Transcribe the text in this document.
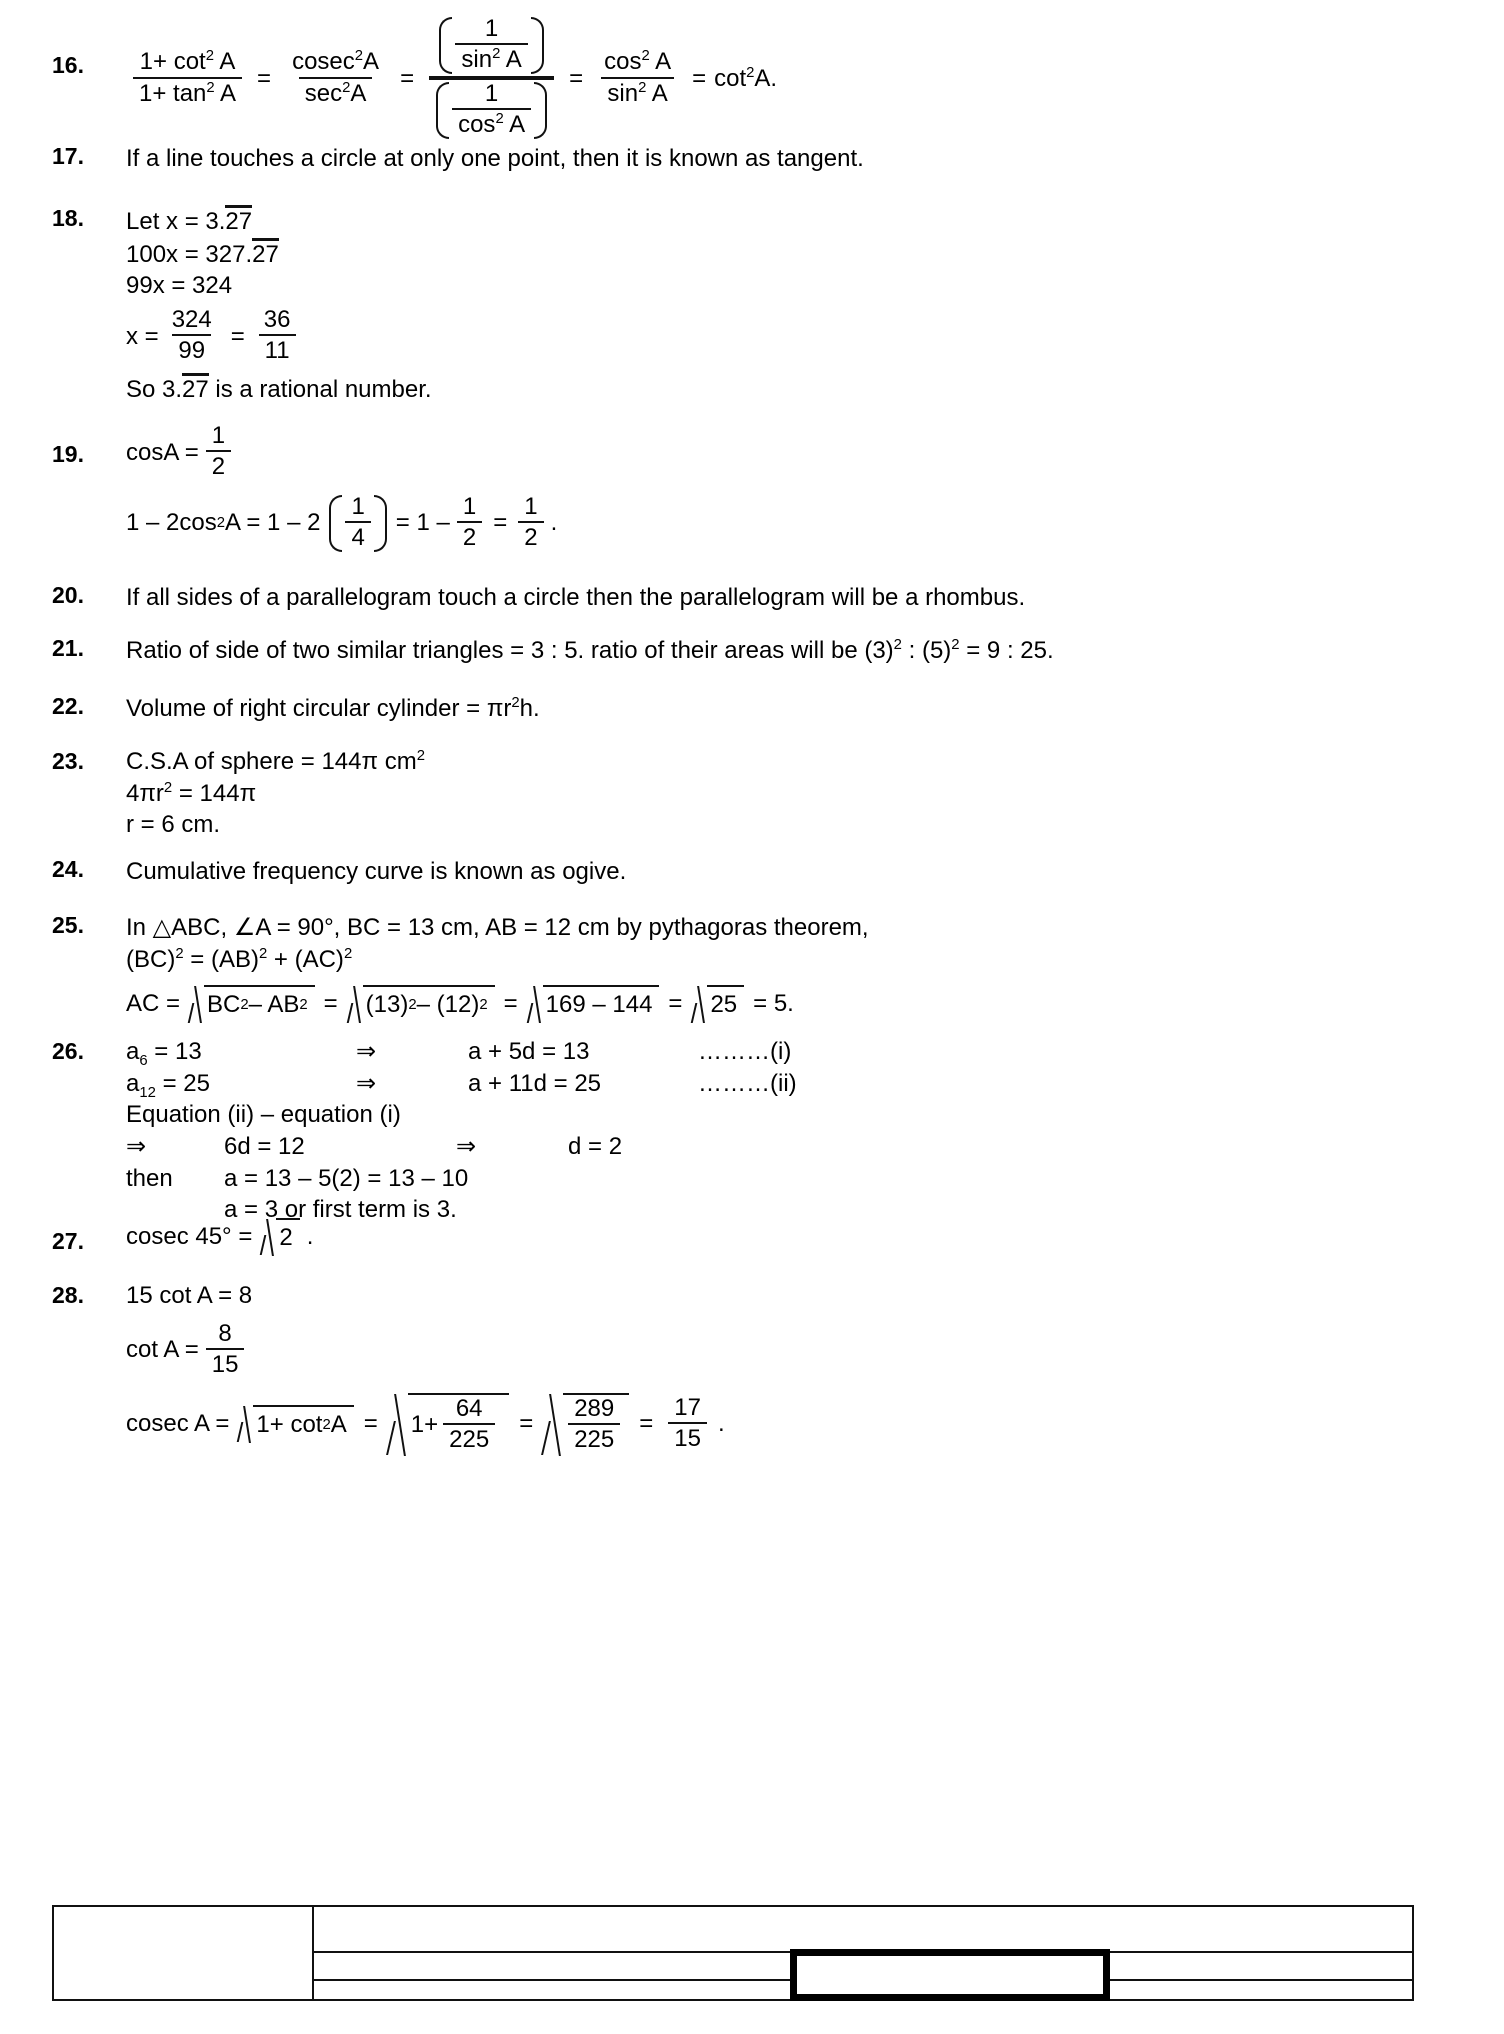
16. $\frac{1+ \cot^2 A}{1+ \tan^2 A} = \frac{cosec^2A}{\sec^2A} = \frac{\frac{1}{\sin^2 A}}{\frac{1}{\cos^2 A}} = \frac{\cos^2 A}{\sin^2 A} = \cot^2A$.
17. If a line touches a circle at only one point, then it is known as tangent.
18. Let x = 3.27
100x = 327.27
99x = 324
$x = \frac{324}{99} = \frac{36}{11}$
So 3.27 is a rational number.
19. $\cos A = \frac{1}{2}$
1 – 2cos 2 $A = 1 - 2 \frac{1}{4} = 1 - \frac{1}{2} = \frac{1}{2}$ .
20. If all sides of a parallelogram touch a circle then the parallelogram will be a rhombus.
21. Ratio of side of two similar triangles = 3 : 5. ratio of their areas will be $(3)^2$ : $(5)^2 = 9$ : 25.
22. Volume of right circular cylinder = $\pi r^2h$.
23. C.S.A of sphere = 144π $cm^2$
$4\pi r^2 = 144\pi$
r = 6 cm.
24. Cumulative frequency curve is known as ogive.
25. In △ABC, ∠A = 90°, BC = 13 cm, AB = 12 cm by pythagoras theorem,
(BC)$^2$ = (AB)$^2$ + (AC)$^2$
AC = BC 2 – AB 2 = (13) 2 – (12) 2 = 169 – 144 = 25 = 5.
26. $a_6 = 13$	⇒	a + 5d = 13	………(i)
$a_{12} = 25$	⇒	a + 11d = 25	………(ii)
Equation (ii) – equation (i)
⇒	6d = 12	⇒	d = 2
then a = 13 – 5(2) = 13 – 10
a = 3 or first term is 3.
27. cosec 45° = 2 .
28. 15 cot A = 8
$\cot A = \frac{8}{15}$
cosec A = 1+ cot 2 $A = 1+ \frac{64}{225} = \frac{289}{225} = \frac{17}{15}$ .
